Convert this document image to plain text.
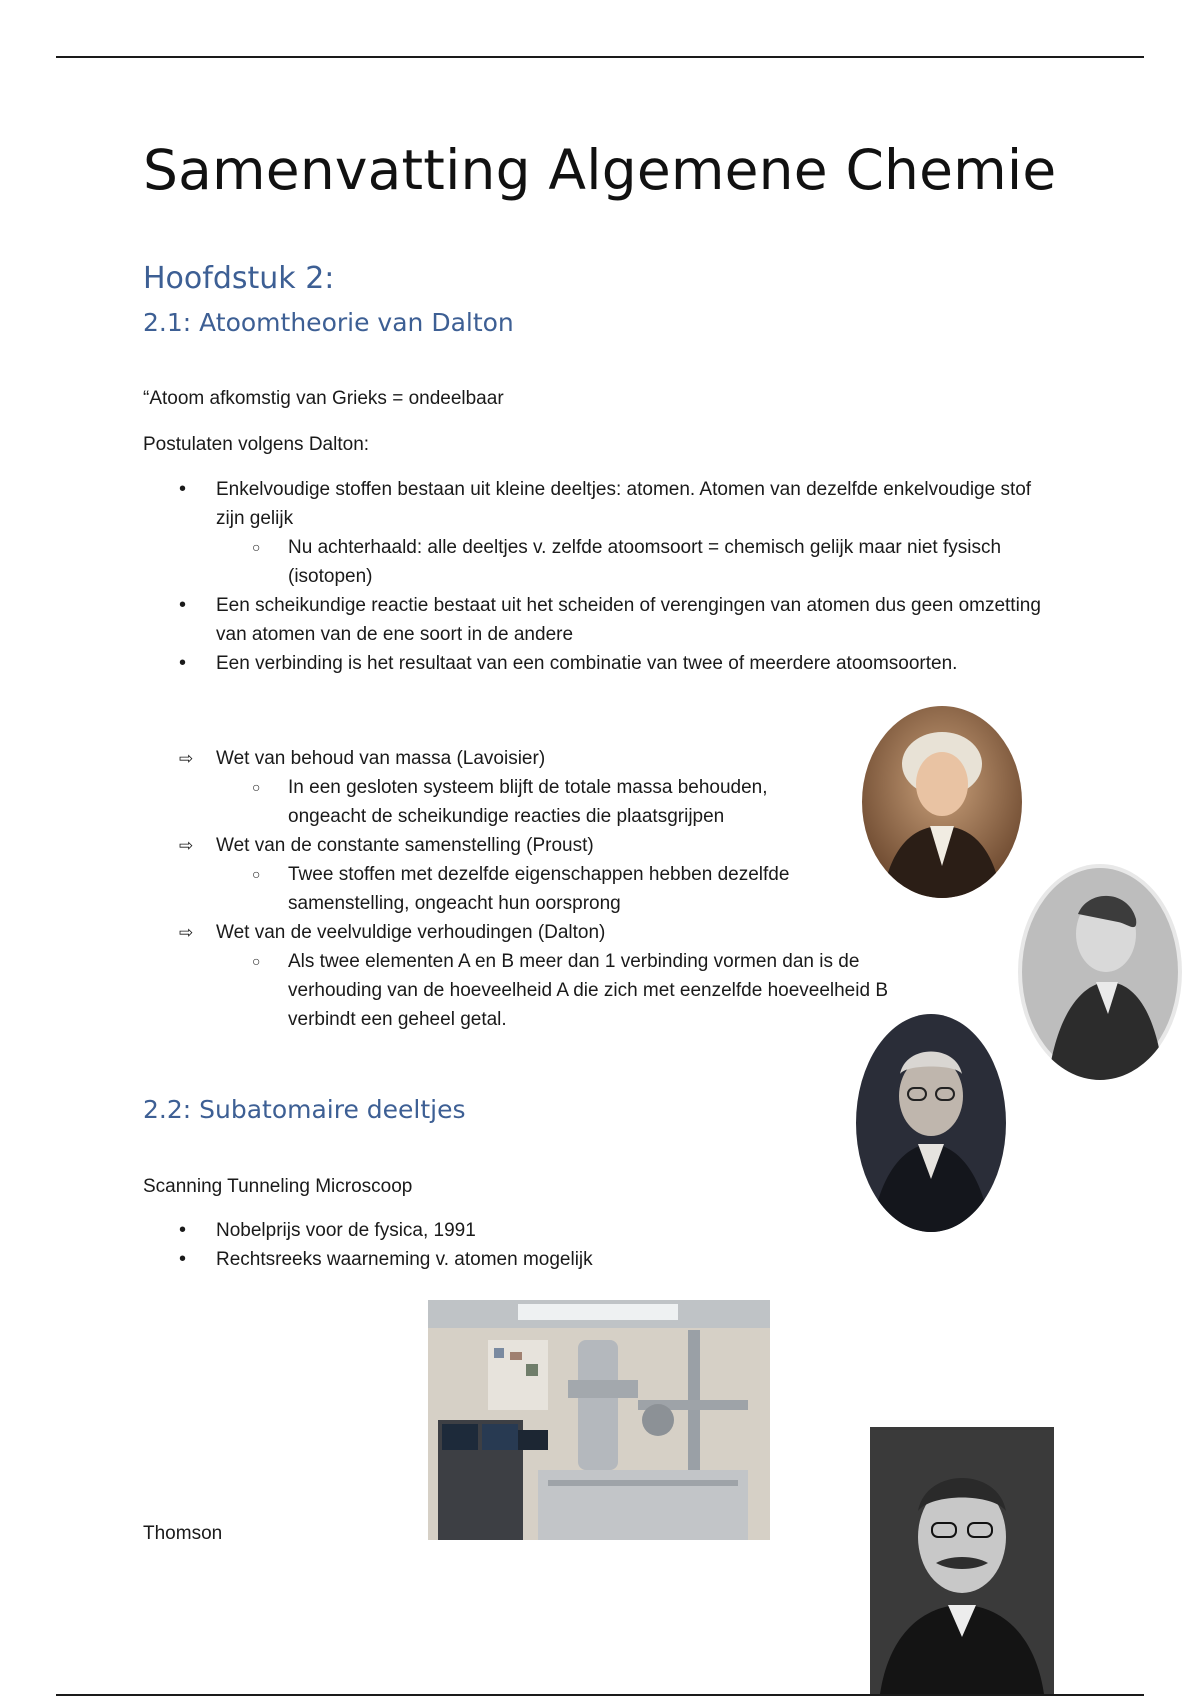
Samenvatting Algemene Chemie
Hoofdstuk 2:
2.1: Atoomtheorie van Dalton

“Atoom afkomstig van Grieks = ondeelbaar

Postulaten volgens Dalton:

• Enkelvoudige stoffen bestaan uit kleine deeltjes: atomen. Atomen van dezelfde enkelvoudige stof zijn gelijk
○ Nu achterhaald: alle deeltjes v. zelfde atoomsoort = chemisch gelijk maar niet fysisch (isotopen)
• Een scheikundige reactie bestaat uit het scheiden of verengingen van atomen dus geen omzetting van atomen van de ene soort in de andere
• Een verbinding is het resultaat van een combinatie van twee of meerdere atoomsoorten.
⇨ Wet van behoud van massa (Lavoisier)
○ In een gesloten systeem blijft de totale massa behouden, ongeacht de scheikundige reacties die plaatsgrijpen
⇨ Wet van de constante samenstelling (Proust)
○ Twee stoffen met dezelfde eigenschappen hebben dezelfde samenstelling, ongeacht hun oorsprong
⇨ Wet van de veelvuldige verhoudingen (Dalton)
○ Als twee elementen A en B meer dan 1 verbinding vormen dan is de verhouding van de hoeveelheid A die zich met eenzelfde hoeveelheid B verbindt een geheel getal.
2.2: Subatomaire deeltjes

Scanning Tunneling Microscoop

• Nobelprijs voor de fysica, 1991
• Rechtsreeks waarneming v. atomen mogelijk

Thomson
